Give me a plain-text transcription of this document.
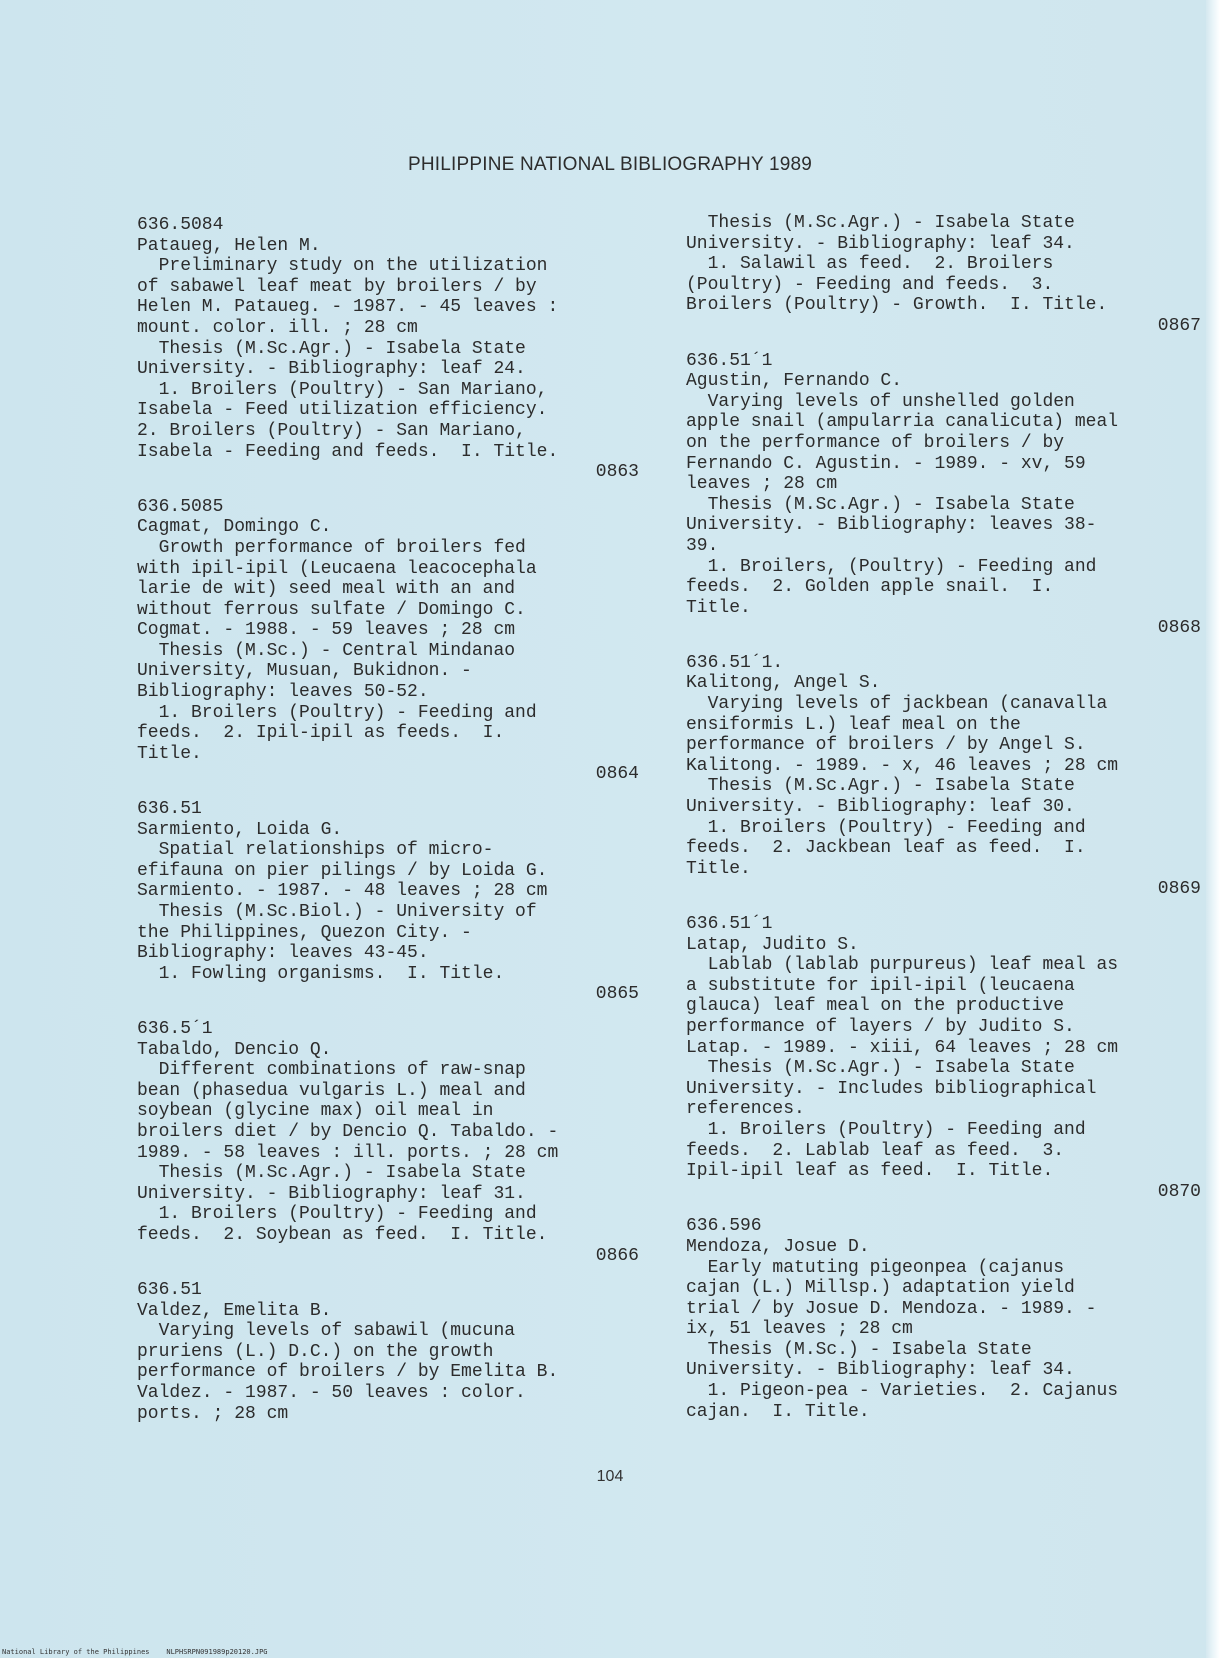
PHILIPPINE NATIONAL BIBLIOGRAPHY 1989
636.5084
Pataueg, Helen M.
Preliminary study on the utilization
of sabawel leaf meat by broilers / by
Helen M. Pataueg. - 1987. - 45 leaves :
mount. color. ill. ; 28 cm
Thesis (M.Sc.Agr.) - Isabela State
University. - Bibliography: leaf 24.
1. Broilers (Poultry) - San Mariano,
Isabela - Feed utilization efficiency.
2. Broilers (Poultry) - San Mariano,
Isabela - Feeding and feeds.  I. Title.
0863
636.5085
Cagmat, Domingo C.
Growth performance of broilers fed
with ipil-ipil (Leucaena leacocephala
larie de wit) seed meal with an and
without ferrous sulfate / Domingo C.
Cogmat. - 1988. - 59 leaves ; 28 cm
Thesis (M.Sc.) - Central Mindanao
University, Musuan, Bukidnon. -
Bibliography: leaves 50-52.
1. Broilers (Poultry) - Feeding and
feeds.  2. Ipil-ipil as feeds.  I.
Title.
0864
636.51
Sarmiento, Loida G.
Spatial relationships of micro-
efifauna on pier pilings / by Loida G.
Sarmiento. - 1987. - 48 leaves ; 28 cm
Thesis (M.Sc.Biol.) - University of
the Philippines, Quezon City. -
Bibliography: leaves 43-45.
1. Fowling organisms.  I. Title.
0865
636.5´1
Tabaldo, Dencio Q.
Different combinations of raw-snap
bean (phasedua vulgaris L.) meal and
soybean (glycine max) oil meal in
broilers diet / by Dencio Q. Tabaldo. -
1989. - 58 leaves : ill. ports. ; 28 cm
Thesis (M.Sc.Agr.) - Isabela State
University. - Bibliography: leaf 31.
1. Broilers (Poultry) - Feeding and
feeds.  2. Soybean as feed.  I. Title.
0866
636.51
Valdez, Emelita B.
Varying levels of sabawil (mucuna
pruriens (L.) D.C.) on the growth
performance of broilers / by Emelita B.
Valdez. - 1987. - 50 leaves : color.
ports. ; 28 cm
Thesis (M.Sc.Agr.) - Isabela State
University. - Bibliography: leaf 34.
1. Salawil as feed.  2. Broilers
(Poultry) - Feeding and feeds.  3.
Broilers (Poultry) - Growth.  I. Title.
0867
636.51´1
Agustin, Fernando C.
Varying levels of unshelled golden
apple snail (ampularria canalicuta) meal
on the performance of broilers / by
Fernando C. Agustin. - 1989. - xv, 59
leaves ; 28 cm
Thesis (M.Sc.Agr.) - Isabela State
University. - Bibliography: leaves 38-
39.
1. Broilers, (Poultry) - Feeding and
feeds.  2. Golden apple snail.  I.
Title.
0868
636.51´1.
Kalitong, Angel S.
Varying levels of jackbean (canavalla
ensiformis L.) leaf meal on the
performance of broilers / by Angel S.
Kalitong. - 1989. - x, 46 leaves ; 28 cm
Thesis (M.Sc.Agr.) - Isabela State
University. - Bibliography: leaf 30.
1. Broilers (Poultry) - Feeding and
feeds.  2. Jackbean leaf as feed.  I.
Title.
0869
636.51´1
Latap, Judito S.
Lablab (lablab purpureus) leaf meal as
a substitute for ipil-ipil (leucaena
glauca) leaf meal on the productive
performance of layers / by Judito S.
Latap. - 1989. - xiii, 64 leaves ; 28 cm
Thesis (M.Sc.Agr.) - Isabela State
University. - Includes bibliographical
references.
1. Broilers (Poultry) - Feeding and
feeds.  2. Lablab leaf as feed.  3.
Ipil-ipil leaf as feed.  I. Title.
0870
636.596
Mendoza, Josue D.
Early matuting pigeonpea (cajanus
cajan (L.) Millsp.) adaptation yield
trial / by Josue D. Mendoza. - 1989. -
ix, 51 leaves ; 28 cm
Thesis (M.Sc.) - Isabela State
University. - Bibliography: leaf 34.
1. Pigeon-pea - Varieties.  2. Cajanus
cajan.  I. Title.
104
National Library of the Philippines    NLPHSRPN091989p20120.JPG
